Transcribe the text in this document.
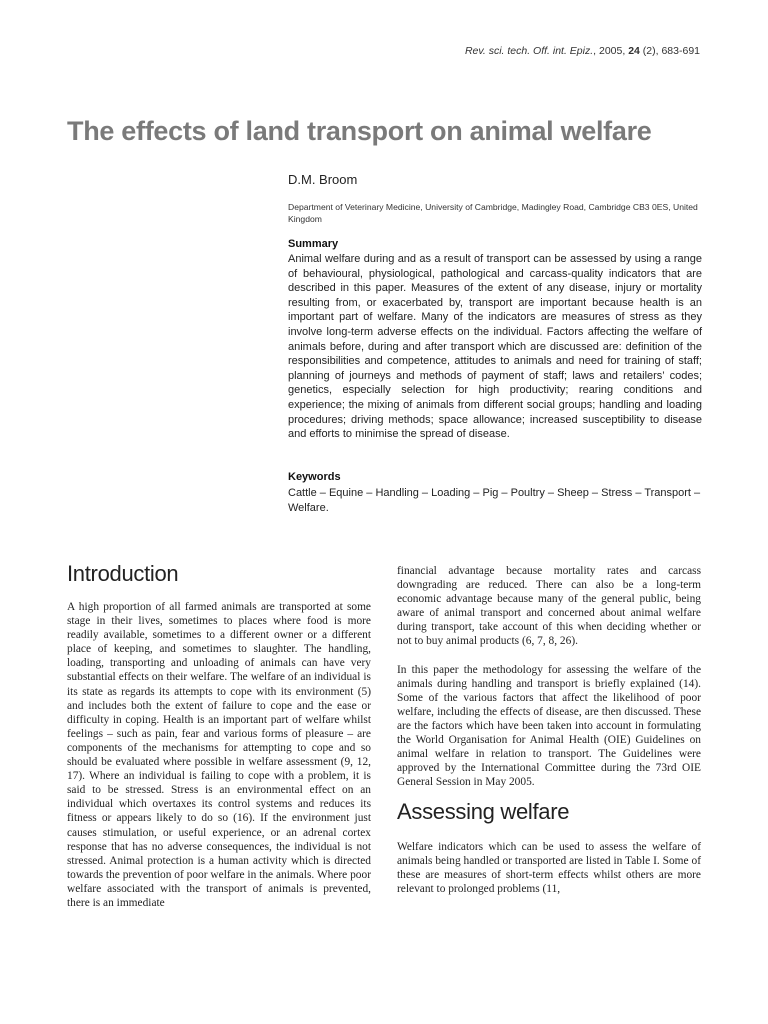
Rev. sci. tech. Off. int. Epiz., 2005, 24 (2), 683-691
The effects of land transport on animal welfare
D.M. Broom
Department of Veterinary Medicine, University of Cambridge, Madingley Road, Cambridge CB3 0ES, United Kingdom
Summary

Animal welfare during and as a result of transport can be assessed by using a range of behavioural, physiological, pathological and carcass-quality indicators that are described in this paper. Measures of the extent of any disease, injury or mortality resulting from, or exacerbated by, transport are important because health is an important part of welfare. Many of the indicators are measures of stress as they involve long-term adverse effects on the individual. Factors affecting the welfare of animals before, during and after transport which are discussed are: definition of the responsibilities and competence, attitudes to animals and need for training of staff; planning of journeys and methods of payment of staff; laws and retailers’ codes; genetics, especially selection for high productivity; rearing conditions and experience; the mixing of animals from different social groups; handling and loading procedures; driving methods; space allowance; increased susceptibility to disease and efforts to minimise the spread of disease.

Keywords

Cattle – Equine – Handling – Loading – Pig – Poultry – Sheep – Stress – Transport – Welfare.

Introduction

A high proportion of all farmed animals are transported at some stage in their lives, sometimes to places where food is more readily available, sometimes to a different owner or a different place of keeping, and sometimes to slaughter. The handling, loading, transporting and unloading of animals can have very substantial effects on their welfare. The welfare of an individual is its state as regards its attempts to cope with its environment (5) and includes both the extent of failure to cope and the ease or difficulty in coping. Health is an important part of welfare whilst feelings – such as pain, fear and various forms of pleasure – are components of the mechanisms for attempting to cope and so should be evaluated where possible in welfare assessment (9, 12, 17). Where an individual is failing to cope with a problem, it is said to be stressed. Stress is an environmental effect on an individual which overtaxes its control systems and reduces its fitness or appears likely to do so (16). If the environment just causes stimulation, or useful experience, or an adrenal cortex response that has no adverse consequences, the individual is not stressed. Animal protection is a human activity which is directed towards the prevention of poor welfare in the animals. Where poor welfare associated with the transport of animals is prevented, there is an immediate

financial advantage because mortality rates and carcass downgrading are reduced. There can also be a long-term economic advantage because many of the general public, being aware of animal transport and concerned about animal welfare during transport, take account of this when deciding whether or not to buy animal products (6, 7, 8, 26).

In this paper the methodology for assessing the welfare of the animals during handling and transport is briefly explained (14). Some of the various factors that affect the likelihood of poor welfare, including the effects of disease, are then discussed. These are the factors which have been taken into account in formulating the World Organisation for Animal Health (OIE) Guidelines on animal welfare in relation to transport. The Guidelines were approved by the International Committee during the 73rd OIE General Session in May 2005.

Assessing welfare

Welfare indicators which can be used to assess the welfare of animals being handled or transported are listed in Table I. Some of these are measures of short-term effects whilst others are more relevant to prolonged problems (11,
